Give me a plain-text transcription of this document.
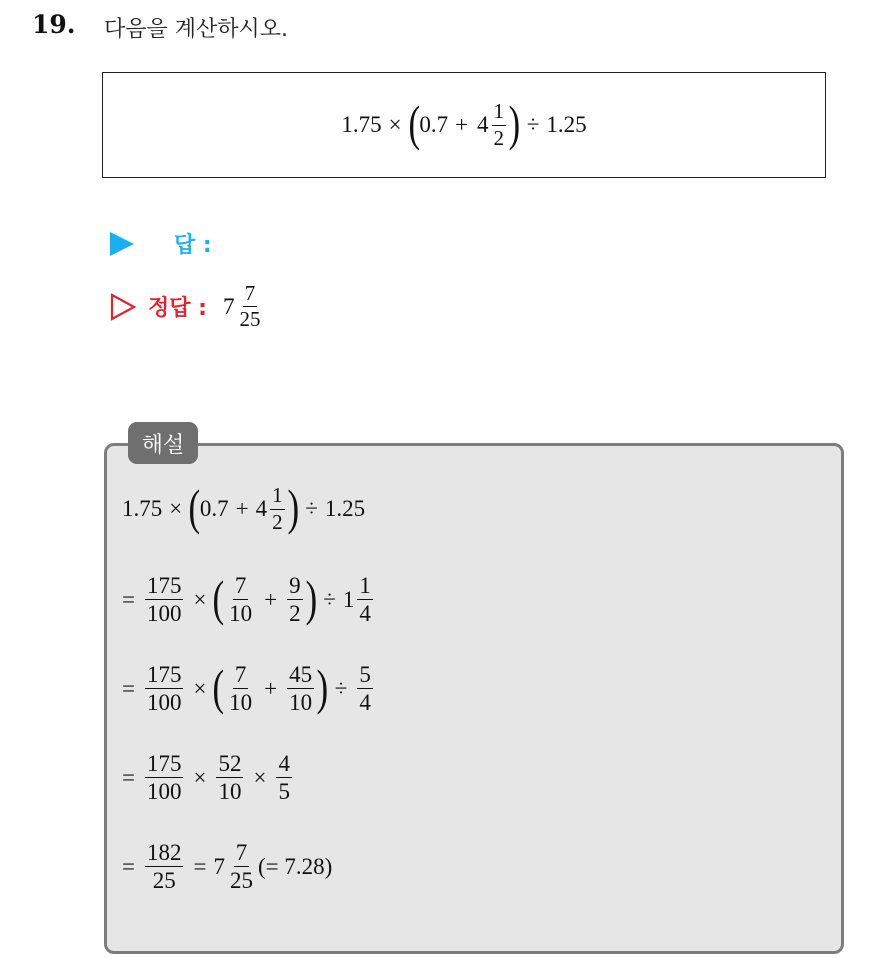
19. 다음을 계산하시오.
1.75 × ( $0.7 + 4 \frac{1}{2}$ ) ÷ 1.25
답 :
정답 : $7 \frac{7}{25}$
해설
1.75 × ( $0.7 + 4 \frac{1}{2}$ ) ÷ 1.25
= $\frac{175}{100}$ × ( $\frac{7}{10} + \frac{9}{2}$ ) ÷ $1 \frac{1}{4}$
= $\frac{175}{100}$ × ( $\frac{7}{10} + \frac{45}{10}$ ) ÷ $\frac{5}{4}$
= $\frac{175}{100} \times \frac{52}{10} \times \frac{4}{5}$
= $\frac{182}{25} = 7 \frac{7}{25}$ (= 7.28)
